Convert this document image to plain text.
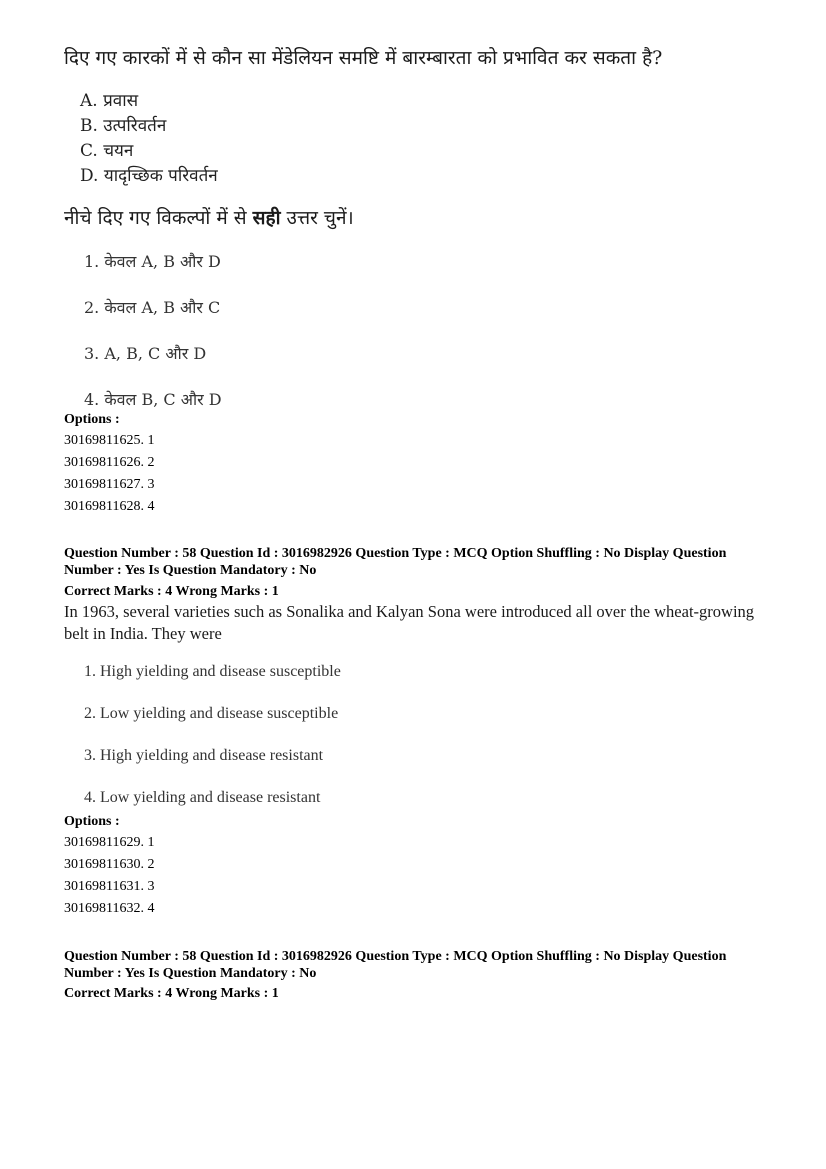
दिए गए कारकों में से कौन सा मेंडेलियन समष्टि में बारम्बारता को प्रभावित कर सकता है?
A. प्रवास
B. उत्परिवर्तन
C. चयन
D. यादृच्छिक परिवर्तन
नीचे दिए गए विकल्पों में से सही उत्तर चुनें।
1. केवल A, B और D
2. केवल A, B और C
3. A, B, C और D
4. केवल B, C और D
Options :
30169811625. 1
30169811626. 2
30169811627. 3
30169811628. 4
Question Number : 58 Question Id : 3016982926 Question Type : MCQ Option Shuffling : No Display Question
Number : Yes Is Question Mandatory : No
Correct Marks : 4 Wrong Marks : 1
In 1963, several varieties such as Sonalika and Kalyan Sona were introduced all over the wheat-growing belt in India. They were
1. High yielding and disease susceptible
2. Low yielding and disease susceptible
3. High yielding and disease resistant
4. Low yielding and disease resistant
Options :
30169811629. 1
30169811630. 2
30169811631. 3
30169811632. 4
Question Number : 58 Question Id : 3016982926 Question Type : MCQ Option Shuffling : No Display Question
Number : Yes Is Question Mandatory : No
Correct Marks : 4 Wrong Marks : 1
